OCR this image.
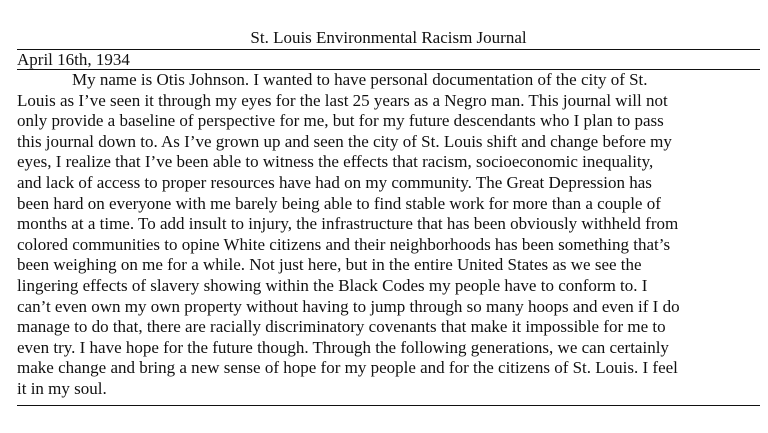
St. Louis Environmental Racism Journal
April 16th, 1934
My name is Otis Johnson. I wanted to have personal documentation of the city of St.
Louis as I’ve seen it through my eyes for the last 25 years as a Negro man. This journal will not
only provide a baseline of perspective for me, but for my future descendants who I plan to pass
this journal down to. As I’ve grown up and seen the city of St. Louis shift and change before my
eyes, I realize that I’ve been able to witness the effects that racism, socioeconomic inequality,
and lack of access to proper resources have had on my community. The Great Depression has
been hard on everyone with me barely being able to find stable work for more than a couple of
months at a time. To add insult to injury, the infrastructure that has been obviously withheld from
colored communities to opine White citizens and their neighborhoods has been something that’s
been weighing on me for a while. Not just here, but in the entire United States as we see the
lingering effects of slavery showing within the Black Codes my people have to conform to. I
can’t even own my own property without having to jump through so many hoops and even if I do
manage to do that, there are racially discriminatory covenants that make it impossible for me to
even try. I have hope for the future though. Through the following generations, we can certainly
make change and bring a new sense of hope for my people and for the citizens of St. Louis. I feel
it in my soul.
